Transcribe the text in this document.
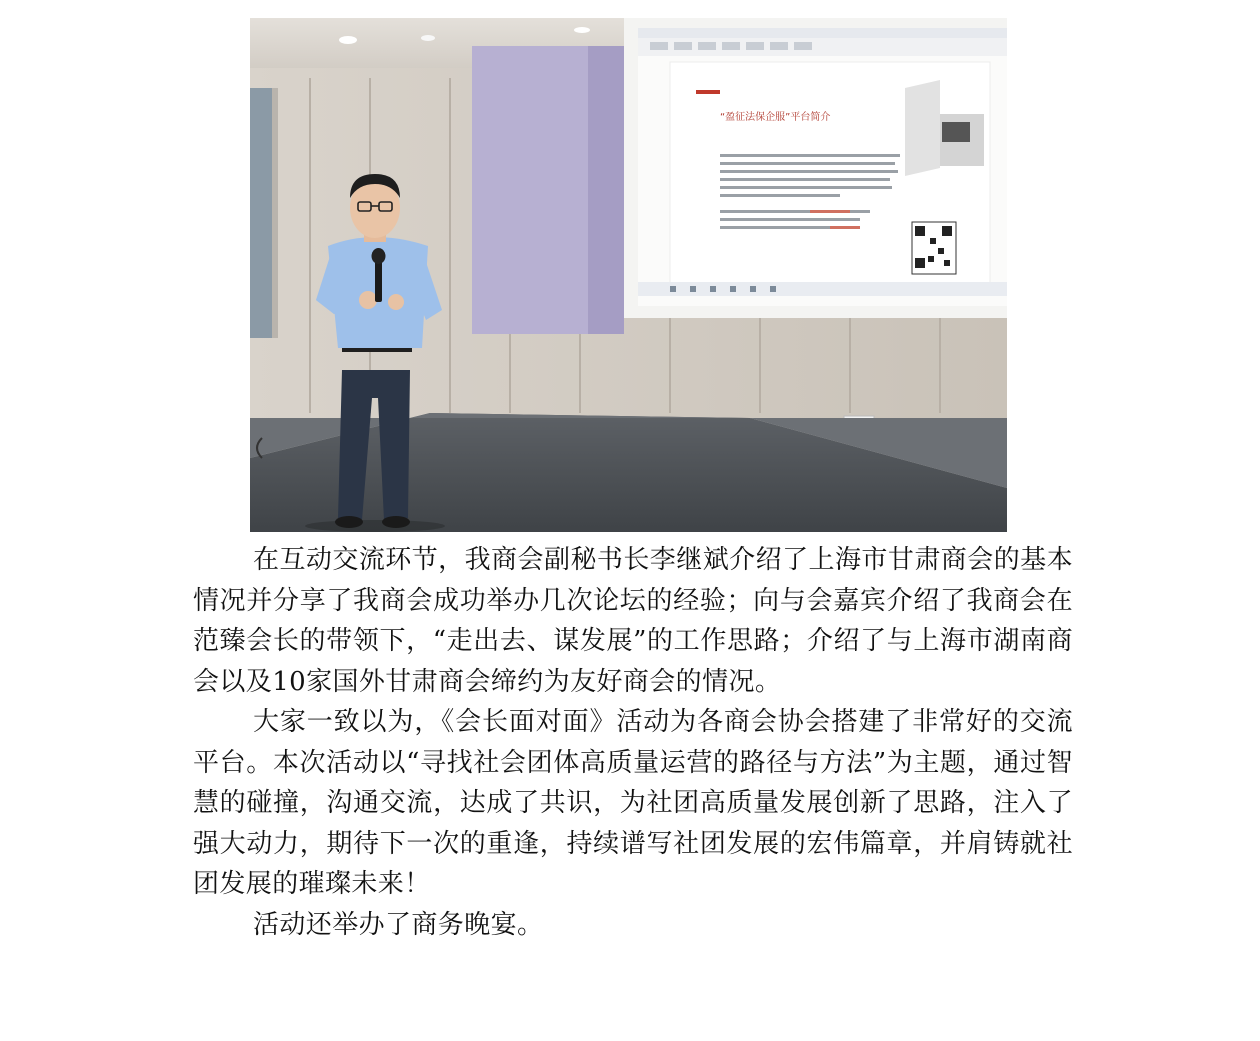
“盈征法保企服”平台简介

在互动交流环节，我商会副秘书长李继斌介绍了上海市甘肃商会的基本情况并分享了我商会成功举办几次论坛的经验；向与会嘉宾介绍了我商会在范臻会长的带领下，“走出去、谋发展”的工作思路；介绍了与上海市湖南商会以及10家国外甘肃商会缔约为友好商会的情况。

大家一致以为，《会长面对面》活动为各商会协会搭建了非常好的交流平台。本次活动以“寻找社会团体高质量运营的路径与方法”为主题，通过智慧的碰撞，沟通交流，达成了共识，为社团高质量发展创新了思路，注入了强大动力，期待下一次的重逢，持续谱写社团发展的宏伟篇章，并肩铸就社团发展的璀璨未来！

活动还举办了商务晚宴。
